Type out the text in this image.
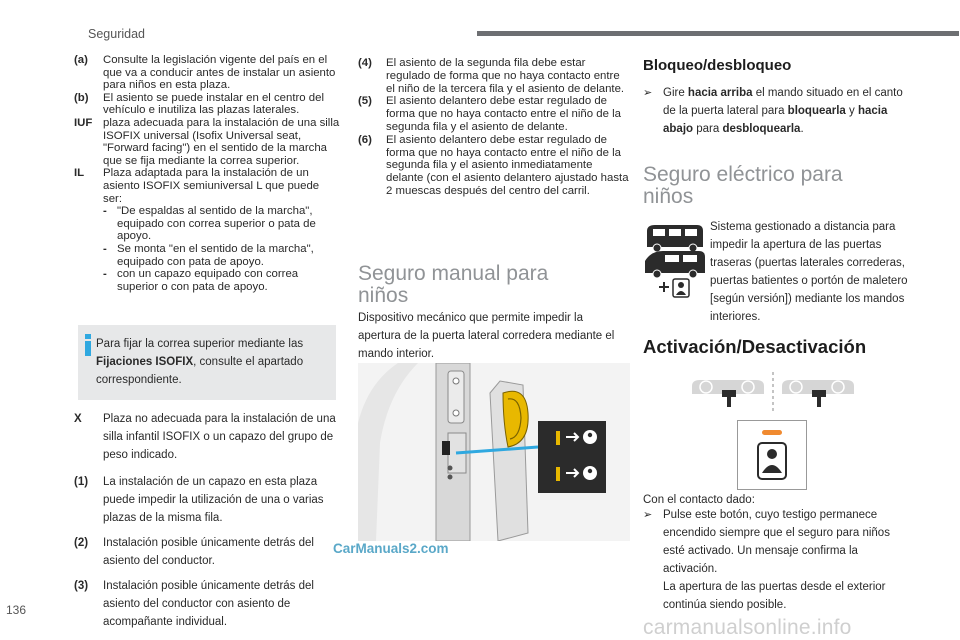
Seguridad
(a)	Consulte la legislación vigente del país en el que va a conducir antes de instalar un asiento para niños en esta plaza.
(b)	El asiento se puede instalar en el centro del vehículo e inutiliza las plazas laterales.
IUF plaza adecuada para la instalación de una silla ISOFIX universal (Isofix Universal seat, "Forward facing") en el sentido de la marcha que se fija mediante la correa superior.
IL	Plaza adaptada para la instalación de un asiento ISOFIX semiuniversal L que puede ser:
- "De espaldas al sentido de la marcha", equipado con correa superior o pata de apoyo.
- Se monta "en el sentido de la marcha", equipado con pata de apoyo.
- con un capazo equipado con correa superior o con pata de apoyo.
Para fijar la correa superior mediante las Fijaciones ISOFIX, consulte el apartado correspondiente.
X	Plaza no adecuada para la instalación de una silla infantil ISOFIX o un capazo del grupo de peso indicado.
(1)	La instalación de un capazo en esta plaza puede impedir la utilización de una o varias plazas de la misma fila.
(2)	Instalación posible únicamente detrás del asiento del conductor.
(3)	Instalación posible únicamente detrás del asiento del conductor con asiento de acompañante individual.
(4)	El asiento de la segunda fila debe estar regulado de forma que no haya contacto entre el niño de la tercera fila y el asiento de delante.
(5)	El asiento delantero debe estar regulado de forma que no haya contacto entre el niño de la segunda fila y el asiento de delante.
(6)	El asiento delantero debe estar regulado de forma que no haya contacto entre el niño de la segunda fila y el asiento inmediatamente delante (con el asiento delantero ajustado hasta 2 muescas después del centro del carril.
Seguro manual para niños

Dispositivo mecánico que permite impedir la apertura de la puerta lateral corredera mediante el mando interior.

CarManuals2.com
Bloqueo/desbloqueo
➢ Gire hacia arriba el mando situado en el canto de la puerta lateral para bloquearla y hacia abajo para desbloquearla.
Seguro eléctrico para niños

Sistema gestionado a distancia para impedir la apertura de las puertas traseras (puertas laterales correderas, puertas batientes o portón de maletero [según versión]) mediante los mandos interiores.

Activación/Desactivación

Con el contacto dado:

➢ Pulse este botón, cuyo testigo permanece encendido siempre que el seguro para niños esté activado. Un mensaje confirma la activación.
La apertura de las puertas desde el exterior continúa siendo posible.
136
carmanualsonline.info
